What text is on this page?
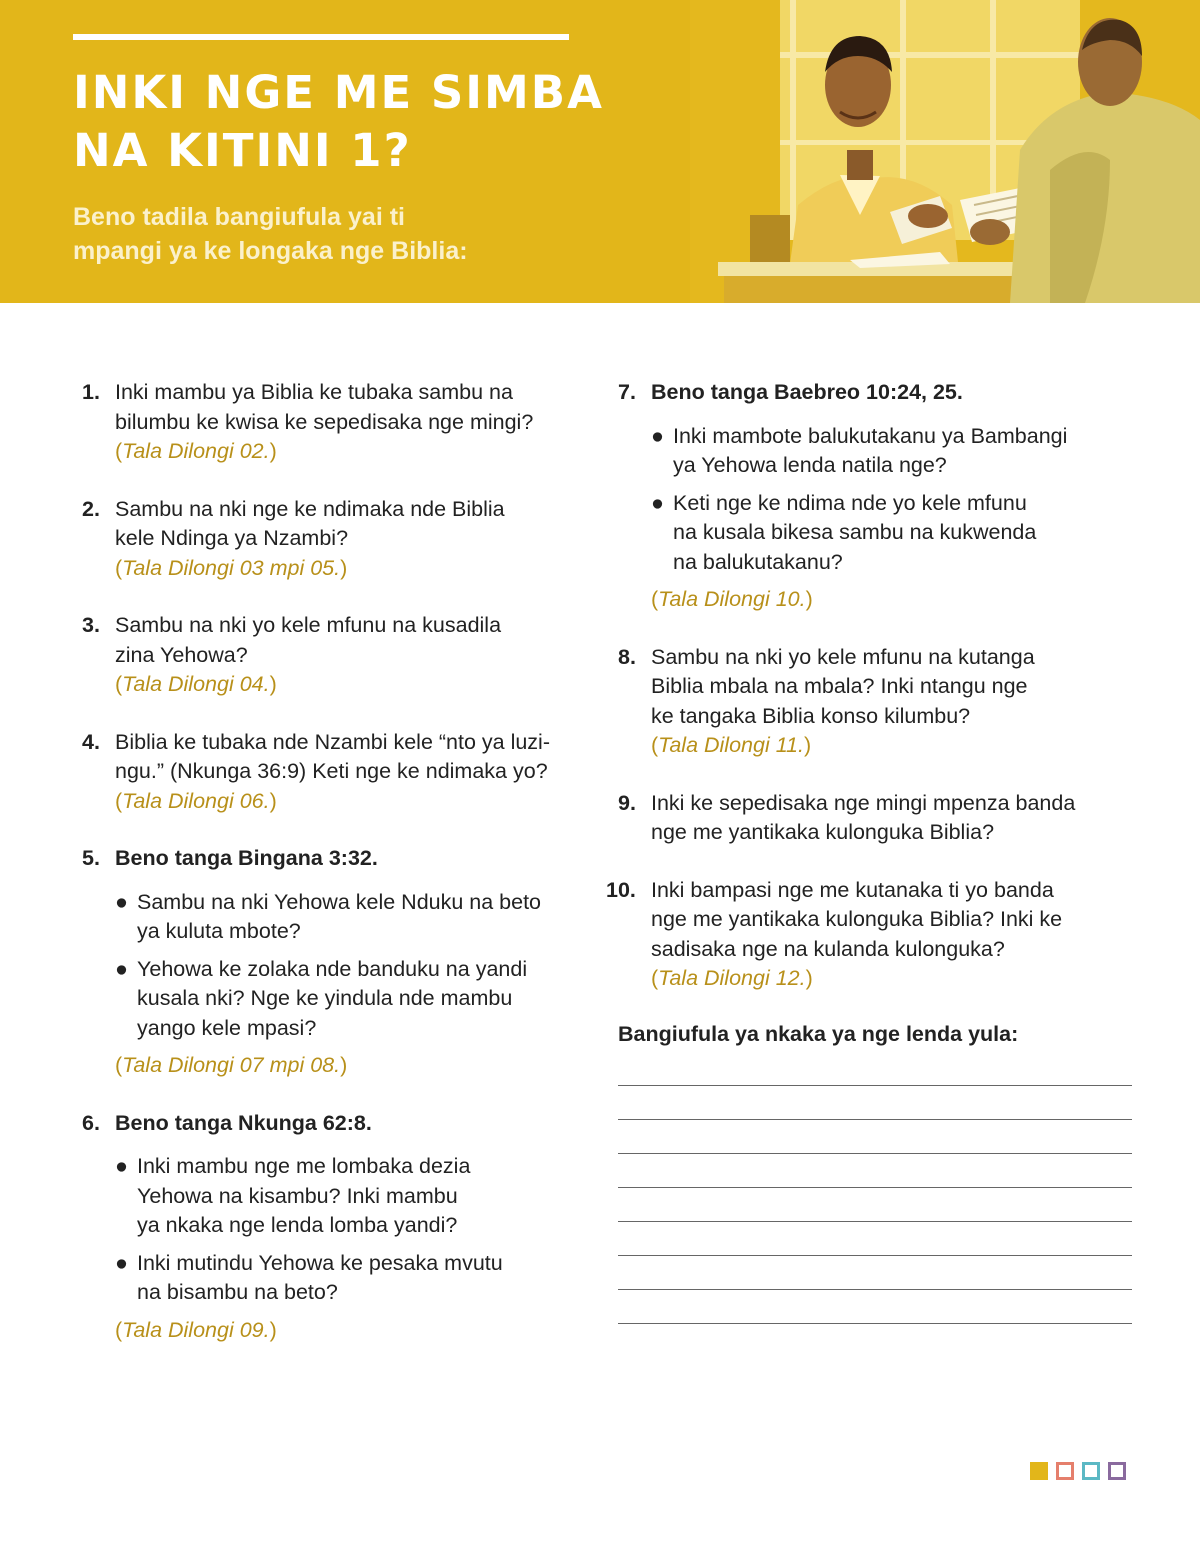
INKI NGE ME SIMBA
NA KITINI 1?
Beno tadila bangiufula yai ti
mpangi ya ke longaka nge Biblia:
1. Inki mambu ya Biblia ke tubaka sambu na
bilumbu ke kwisa ke sepedisaka nge mingi?
(Tala Dilongi 02.)
2. Sambu na nki nge ke ndimaka nde Biblia
kele Ndinga ya Nzambi?
(Tala Dilongi 03 mpi 05.)
3. Sambu na nki yo kele mfunu na kusadila
zina Yehowa?
(Tala Dilongi 04.)
4. Biblia ke tubaka nde Nzambi kele “nto ya luzi-
ngu.” (Nkunga 36:9) Keti nge ke ndimaka yo?
(Tala Dilongi 06.)
5. Beno tanga Bingana 3:32.
● Sambu na nki Yehowa kele Nduku na beto
ya kuluta mbote?
● Yehowa ke zolaka nde banduku na yandi
kusala nki? Nge ke yindula nde mambu
yango kele mpasi?
(Tala Dilongi 07 mpi 08.)
6. Beno tanga Nkunga 62:8.
● Inki mambu nge me lombaka dezia
Yehowa na kisambu? Inki mambu
ya nkaka nge lenda lomba yandi?
● Inki mutindu Yehowa ke pesaka mvutu
na bisambu na beto?
(Tala Dilongi 09.)
7. Beno tanga Baebreo 10:24, 25.
● Inki mambote balukutakanu ya Bambangi
ya Yehowa lenda natila nge?
● Keti nge ke ndima nde yo kele mfunu
na kusala bikesa sambu na kukwenda
na balukutakanu?
(Tala Dilongi 10.)
8. Sambu na nki yo kele mfunu na kutanga
Biblia mbala na mbala? Inki ntangu nge
ke tangaka Biblia konso kilumbu?
(Tala Dilongi 11.)
9. Inki ke sepedisaka nge mingi mpenza banda
nge me yantikaka kulonguka Biblia?
10. Inki bampasi nge me kutanaka ti yo banda
nge me yantikaka kulonguka Biblia? Inki ke
sadisaka nge na kulanda kulonguka?
(Tala Dilongi 12.)
Bangiufula ya nkaka ya nge lenda yula:
